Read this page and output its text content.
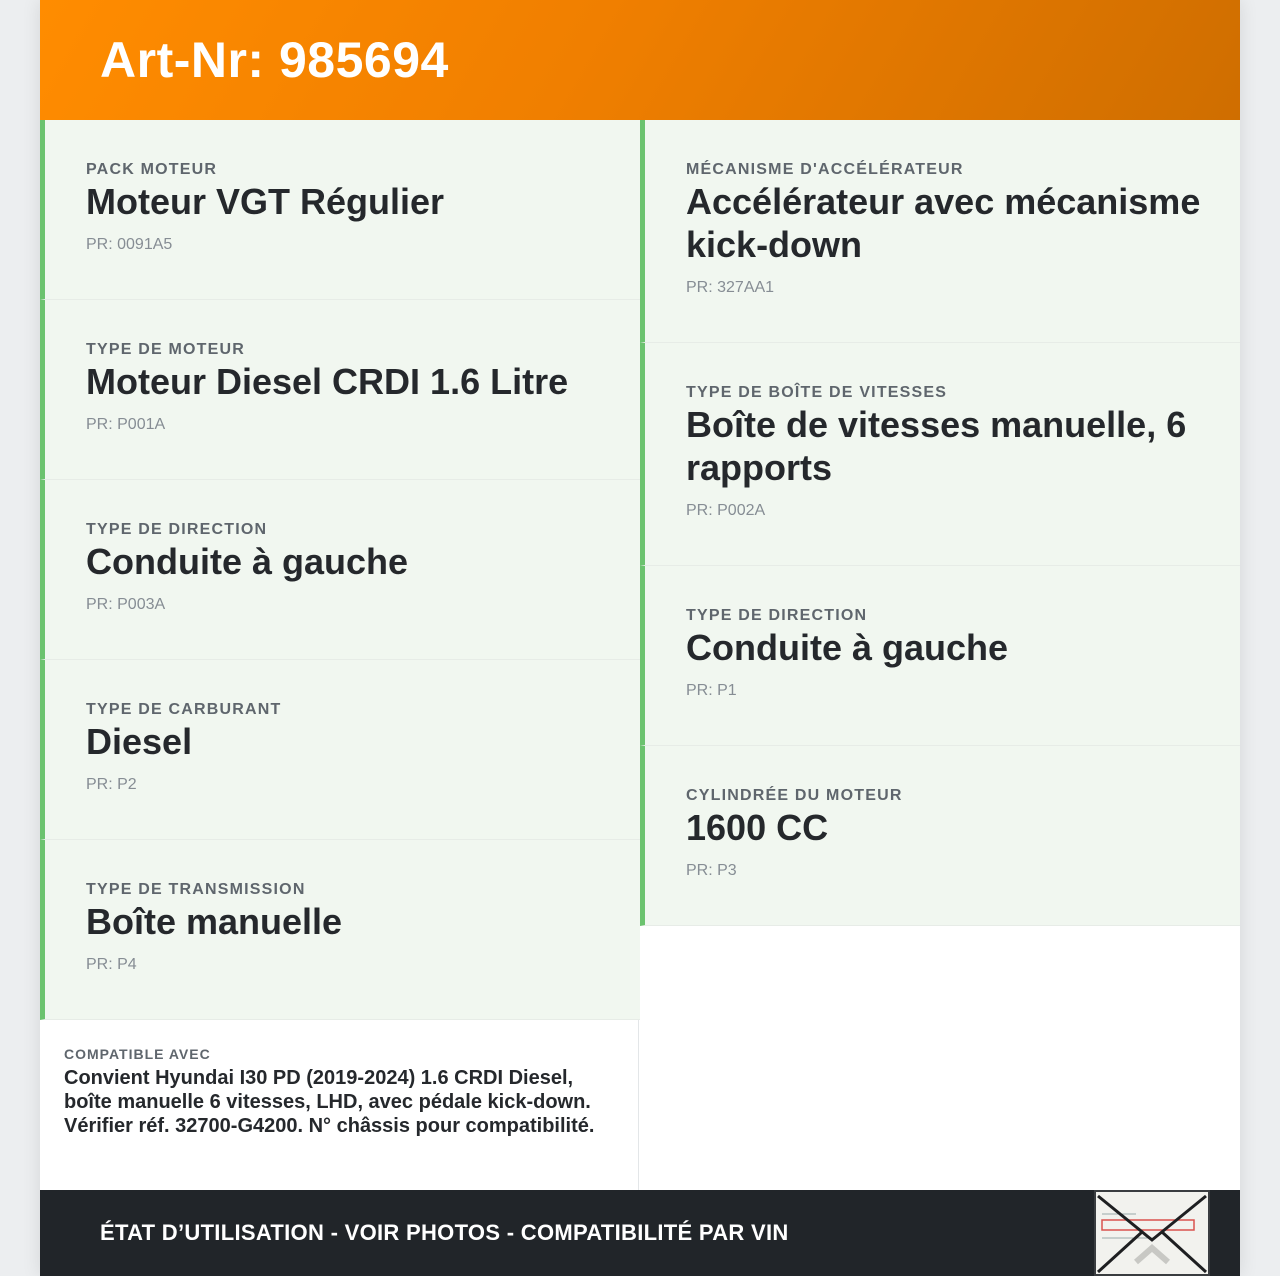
Art-Nr: 985694
PACK MOTEUR
Moteur VGT Régulier
PR: 0091A5
TYPE DE MOTEUR
Moteur Diesel CRDI 1.6 Litre
PR: P001A
TYPE DE DIRECTION
Conduite à gauche
PR: P003A
TYPE DE CARBURANT
Diesel
PR: P2
TYPE DE TRANSMISSION
Boîte manuelle
PR: P4
MÉCANISME D'ACCÉLÉRATEUR
Accélérateur avec mécanisme kick-down
PR: 327AA1
TYPE DE BOÎTE DE VITESSES
Boîte de vitesses manuelle, 6 rapports
PR: P002A
TYPE DE DIRECTION
Conduite à gauche
PR: P1
CYLINDRÉE DU MOTEUR
1600 CC
PR: P3
COMPATIBLE AVEC
Convient Hyundai I30 PD (2019-2024) 1.6 CRDI Diesel, boîte manuelle 6 vitesses, LHD, avec pédale kick-down. Vérifier réf. 32700-G4200. N° châssis pour compatibilité.
ÉTAT D’UTILISATION - VOIR PHOTOS - COMPATIBILITÉ PAR VIN
